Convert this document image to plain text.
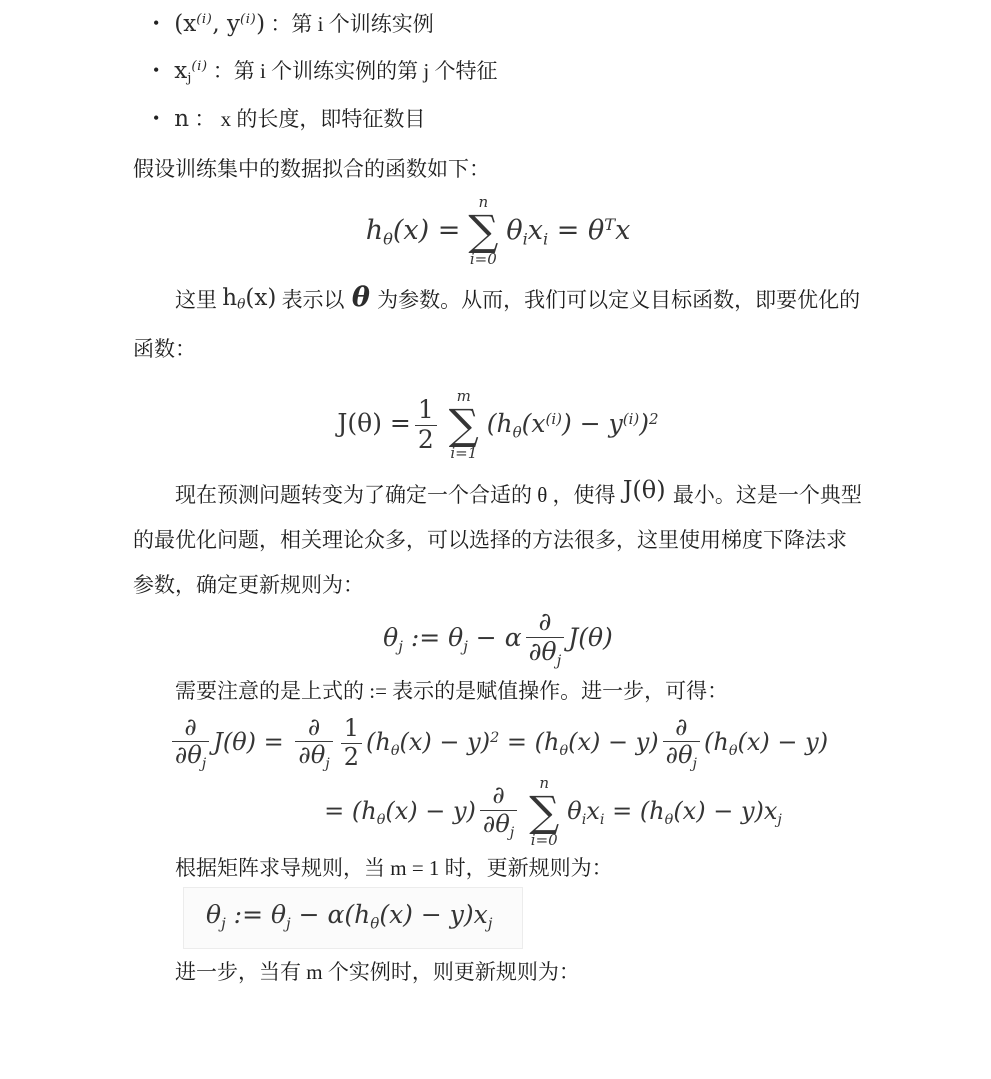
• ($x^{(i)}$, $y^{(i)}$) ：第 i 个训练实例
• $x_j^{(i)}$ ：第 i 个训练实例的第 j 个特征
• n ： x 的长度，即特征数目

假设训练集中的数据拟合的函数如下：

$h_\theta(x)$ =
n
∑
i=0
$\theta_ix_i = \theta^Tx$

这里 $h_\theta(x)$ 表示以 θ 为参数。从而，我们可以定义目标函数，即要优化的函数：

$J(\theta) = \frac{1}{2}$ m
∑
i=1
$(h_\theta(x^{(i)}) - y^{(i)})^2$

现在预测问题转变为了确定一个合适的 θ ，使得 J(θ) 最小。这是一个典型的最优化问题，相关理论众多，可以选择的方法很多，这里使用梯度下降法求参数，确定更新规则为：

$\theta_j$ := $\theta_j - \alpha \frac{\partial}{\partial\theta_j} J(\theta)$

需要注意的是上式的 := 表示的是赋值操作。进一步，可得：

$\frac{\partial}{\partial\theta_j} J(\theta) = \frac{\partial}{\partial\theta_j} \frac{1}{2} (h_\theta(x) - y)^2 = (h_\theta(x) - y) \frac{\partial}{\partial\theta_j} (h_\theta(x) - y)$
= $(h_\theta(x) - y) \frac{\partial}{\partial\theta_j}$ n
∑
i=0
$\theta_ix_i = (h_\theta(x) - y)x_j$

根据矩阵求导规则，当 m = 1 时，更新规则为：

$\theta_j$ := $\theta_j - \alpha(h_\theta(x) - y)x_j$

进一步，当有 m 个实例时，则更新规则为：
